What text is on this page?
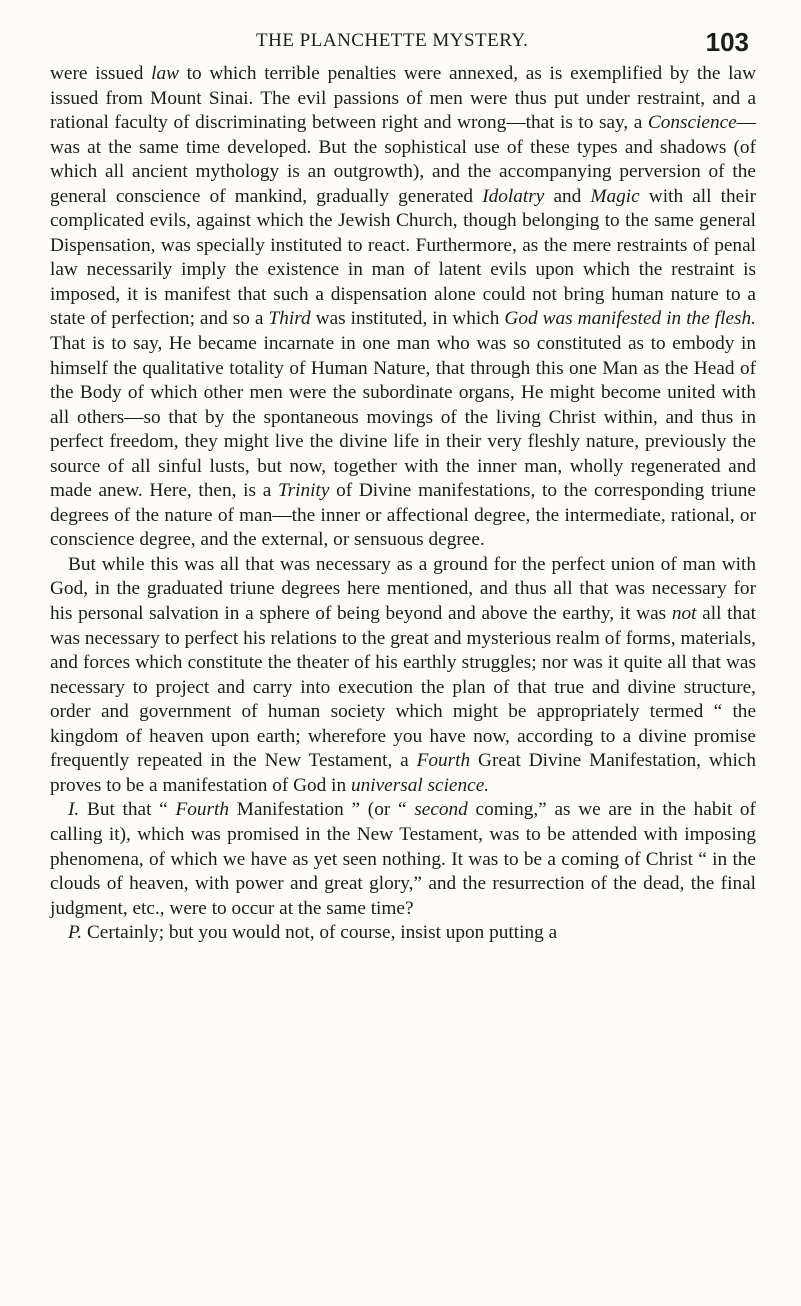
THE PLANCHETTE MYSTERY.	103

were issued law to which terrible penalties were annexed, as is exemplified by the law issued from Mount Sinai. The evil passions of men were thus put under restraint, and a rational faculty of discriminating between right and wrong—that is to say, a Conscience—was at the same time developed. But the sophistical use of these types and shadows (of which all ancient mythology is an outgrowth), and the accompanying perversion of the general conscience of mankind, gradually generated Idolatry and Magic with all their complicated evils, against which the Jewish Church, though belonging to the same general Dispensation, was specially instituted to react. Furthermore, as the mere restraints of penal law necessarily imply the existence in man of latent evils upon which the restraint is imposed, it is manifest that such a dispensation alone could not bring human nature to a state of perfection; and so a Third was instituted, in which God was manifested in the flesh. That is to say, He became incarnate in one man who was so constituted as to embody in himself the qualitative totality of Human Nature, that through this one Man as the Head of the Body of which other men were the subordinate organs, He might become united with all others—so that by the spontaneous movings of the living Christ within, and thus in perfect freedom, they might live the divine life in their very fleshly nature, previously the source of all sinful lusts, but now, together with the inner man, wholly regenerated and made anew. Here, then, is a Trinity of Divine manifestations, to the corresponding triune degrees of the nature of man—the inner or affectional degree, the intermediate, rational, or conscience degree, and the external, or sensuous degree.

But while this was all that was necessary as a ground for the perfect union of man with God, in the graduated triune degrees here mentioned, and thus all that was necessary for his personal salvation in a sphere of being beyond and above the earthy, it was not all that was necessary to perfect his relations to the great and mysterious realm of forms, materials, and forces which constitute the theater of his earthly struggles; nor was it quite all that was necessary to project and carry into execution the plan of that true and divine structure, order and government of human society which might be appropriately termed “ the kingdom of heaven upon earth; wherefore you have now, according to a divine promise frequently repeated in the New Testament, a Fourth Great Divine Manifestation, which proves to be a manifestation of God in universal science.

I. But that “ Fourth Manifestation ” (or “ second coming,” as we are in the habit of calling it), which was promised in the New Testament, was to be attended with imposing phenomena, of which we have as yet seen nothing. It was to be a coming of Christ “ in the clouds of heaven, with power and great glory,” and the resurrection of the dead, the final judgment, etc., were to occur at the same time?

P. Certainly; but you would not, of course, insist upon putting a
